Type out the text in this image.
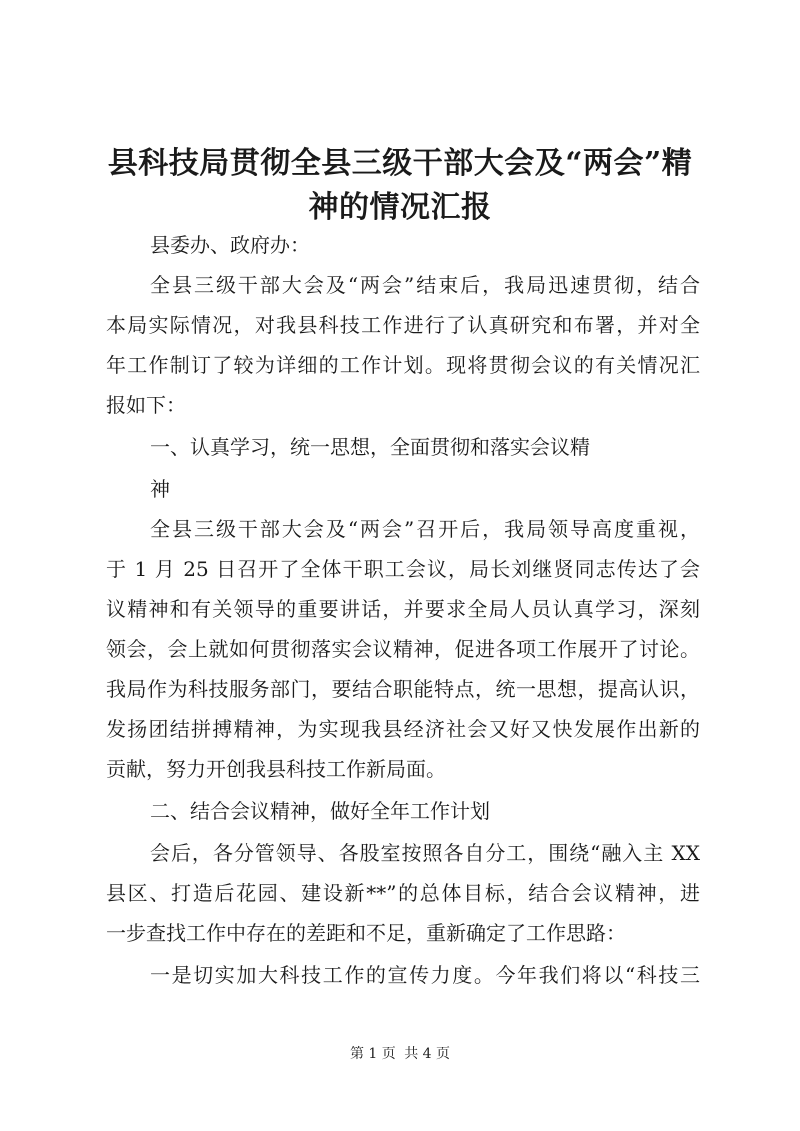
县科技局贯彻全县三级干部大会及“两会”精
神的情况汇报
县委办、政府办：
全县三级干部大会及“两会”结束后，我局迅速贯彻，结合
本局实际情况，对我县科技工作进行了认真研究和布署，并对全
年工作制订了较为详细的工作计划。现将贯彻会议的有关情况汇
报如下：
一、认真学习，统一思想，全面贯彻和落实会议精
神
全县三级干部大会及“两会”召开后，我局领导高度重视，
于 1 月 25 日召开了全体干职工会议，局长刘继贤同志传达了会
议精神和有关领导的重要讲话，并要求全局人员认真学习，深刻
领会，会上就如何贯彻落实会议精神，促进各项工作展开了讨论。
我局作为科技服务部门，要结合职能特点，统一思想，提高认识，
发扬团结拼搏精神，为实现我县经济社会又好又快发展作出新的
贡献，努力开创我县科技工作新局面。
二、结合会议精神，做好全年工作计划
会后，各分管领导、各股室按照各自分工，围绕“融入主 XX
县区、打造后花园、建设新**”的总体目标，结合会议精神，进
一步查找工作中存在的差距和不足，重新确定了工作思路：
一是切实加大科技工作的宣传力度。今年我们将以“科技三
第 1 页 共 4 页
